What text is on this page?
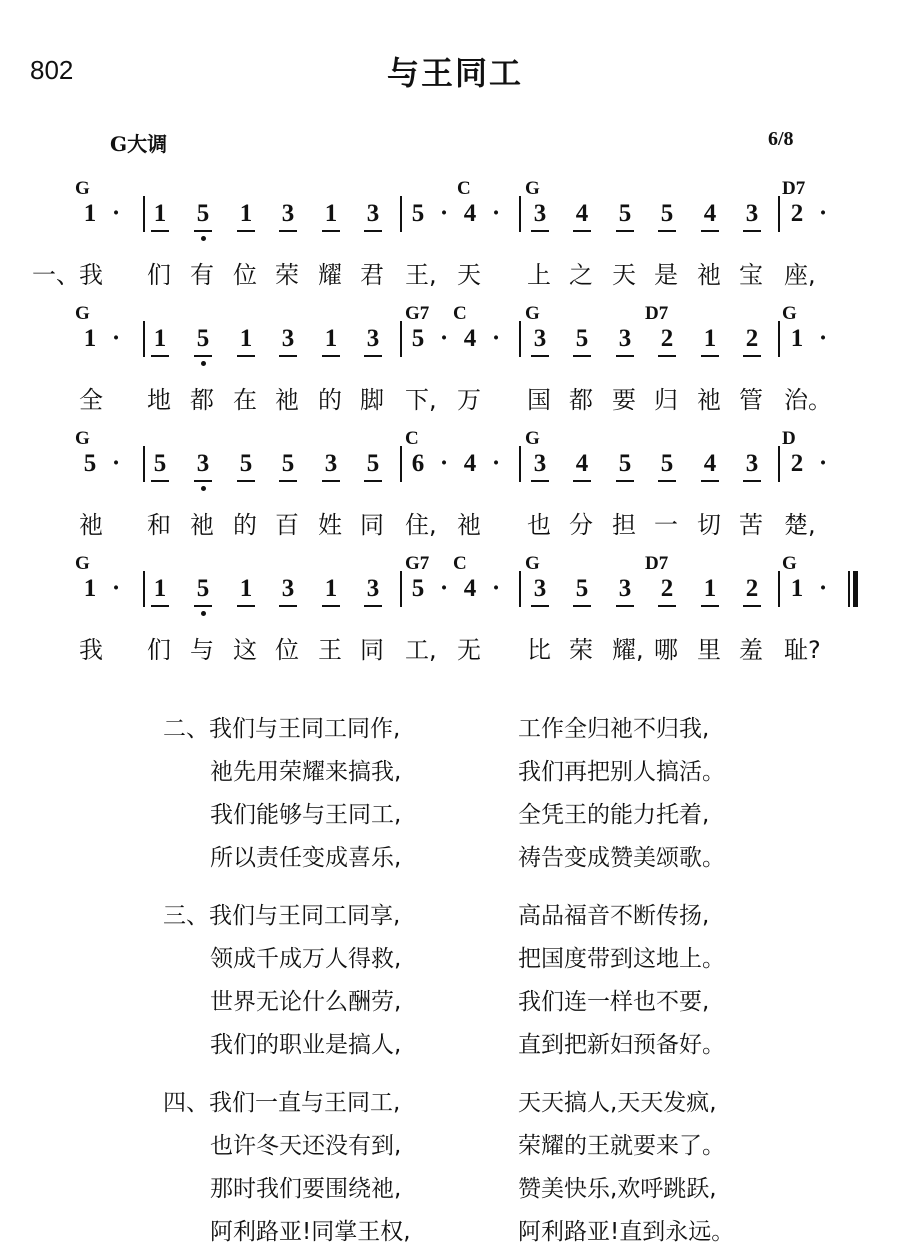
802	与王同工
G大调	6/8
G	C	G	D7
1 ·	1 5 1 3 1 3 5 · 4 ·	3 4 5 5 4 3 2 ·
一、 我	们 有 位 荣 耀 君 王, 天	上 之 天 是 祂 宝 座,
G	G7 C	G	D7	G
1 ·	1 5 1 3 1 3 5 · 4 ·	3 5 3 2 1 2 1 ·
全	地 都 在 祂 的 脚 下, 万	国 都 要 归 祂 管 治。
G	C	G	D
5 ·	5 3 5 5 3 5 6 · 4 ·	3 4 5 5 4 3 2 ·
祂	和 祂 的 百 姓 同 住, 祂	也 分 担 一 切 苦 楚,
G	G7 C	G	D7	G
1 ·	1 5 1 3 1 3 5 · 4 ·	3 5 3 2 1 2 1 ·
我	们 与 这 位 王 同 工, 无	比 荣 耀, 哪 里 羞 耻?
二、我们与王同工同作,	工作全归祂不归我,
祂先用荣耀来搞我,	我们再把别人搞活。
我们能够与王同工,	全凭王的能力托着,
所以责任变成喜乐,	祷告变成赞美颂歌。
三、我们与王同工同享,	高品福音不断传扬,
领成千成万人得救,	把国度带到这地上。
世界无论什么酬劳,	我们连一样也不要,
我们的职业是搞人,	直到把新妇预备好。
四、我们一直与王同工,	天天搞人,天天发疯,
也许冬天还没有到,	荣耀的王就要来了。
那时我们要围绕祂,	赞美快乐,欢呼跳跃,
阿利路亚!同掌王权,	阿利路亚!直到永远。
